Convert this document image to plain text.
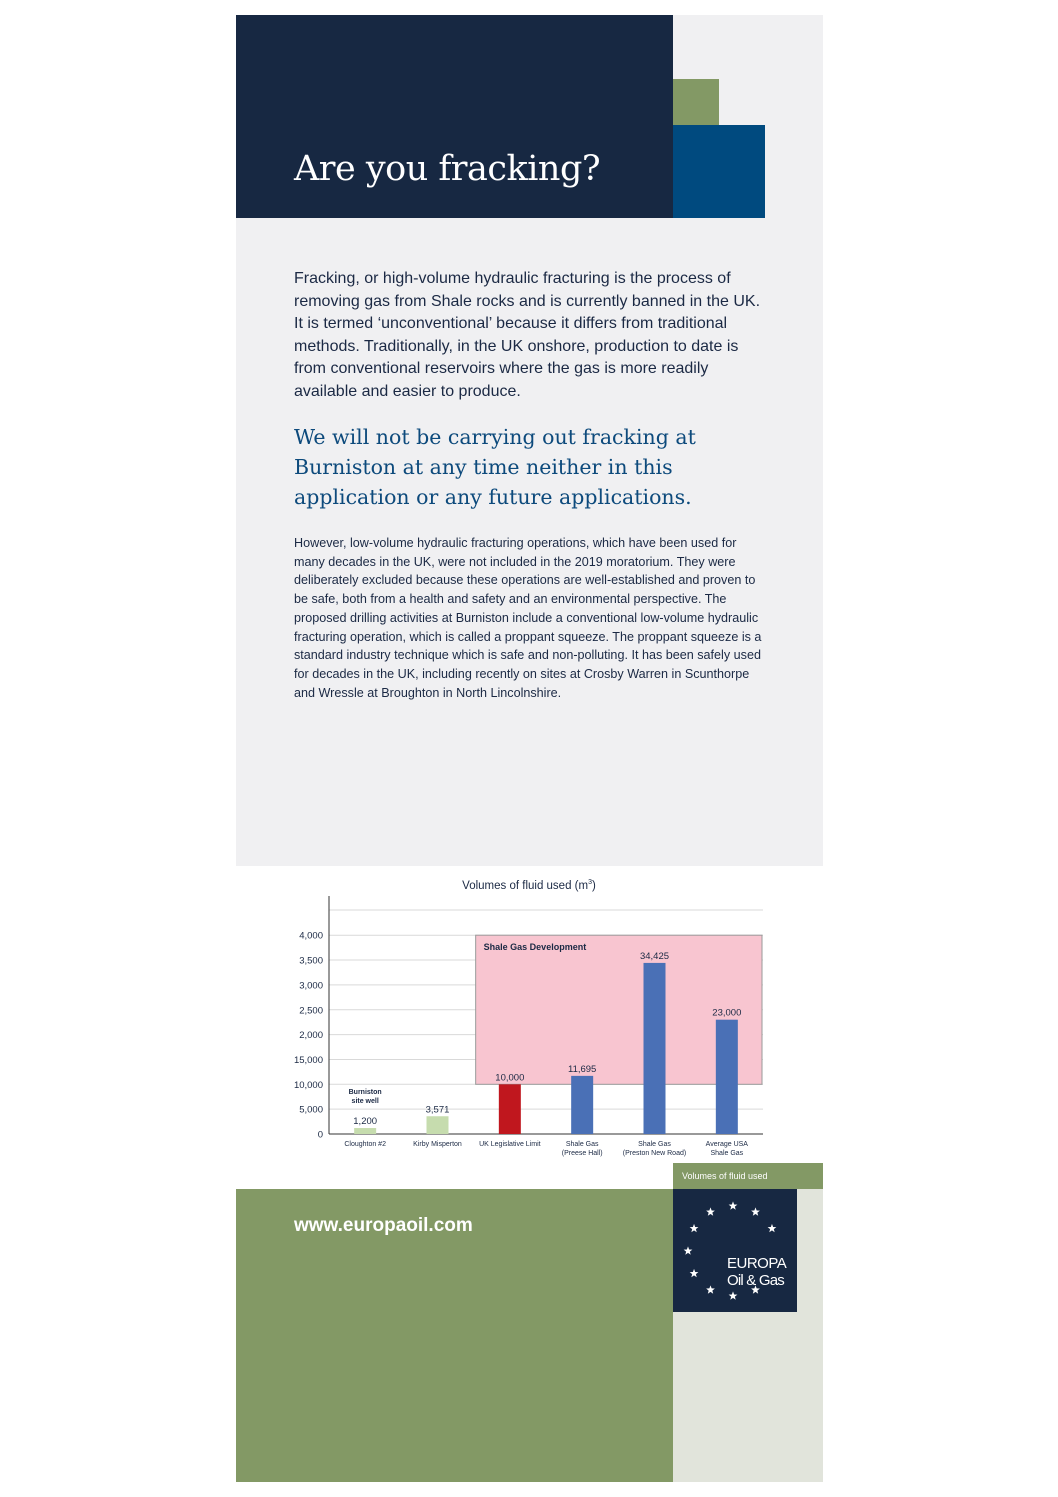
Are you fracking?

Fracking, or high-volume hydraulic fracturing is the process of removing gas from Shale rocks and is currently banned in the UK. It is termed ‘unconventional’ because it differs from traditional methods. Traditionally, in the UK onshore, production to date is from conventional reservoirs where the gas is more readily available and easier to produce.

We will not be carrying out fracking at Burniston at any time neither in this application or any future applications.

However, low-volume hydraulic fracturing operations, which have been used for many decades in the UK, were not included in the 2019 moratorium. They were deliberately excluded because these operations are well-established and proven to be safe, both from a health and safety and an environmental perspective. The proposed drilling activities at Burniston include a conventional low-volume hydraulic fracturing operation, which is called a proppant squeeze. The proppant squeeze is a standard industry technique which is safe and non-polluting. It has been safely used for decades in the UK, including recently on sites at Crosby Warren in Scunthorpe and Wressle at Broughton in North Lincolnshire.

Volumes of fluid used $(m^3)$
Shale Gas Development
0
5,000
10,000
15,000
2,000
2,500
3,000
3,500
4,000
1,200
Cloughton #2
3,571
Kirby Misperton
10,000
UK Legislative Limit
11,695
Shale Gas
(Preese Hall)
34,425
Shale Gas
(Preston New Road)
23,000
Average USA
Shale Gas
Burniston
site well
Volumes of fluid used

www.europaoil.com

EUROPA
Oil & Gas
